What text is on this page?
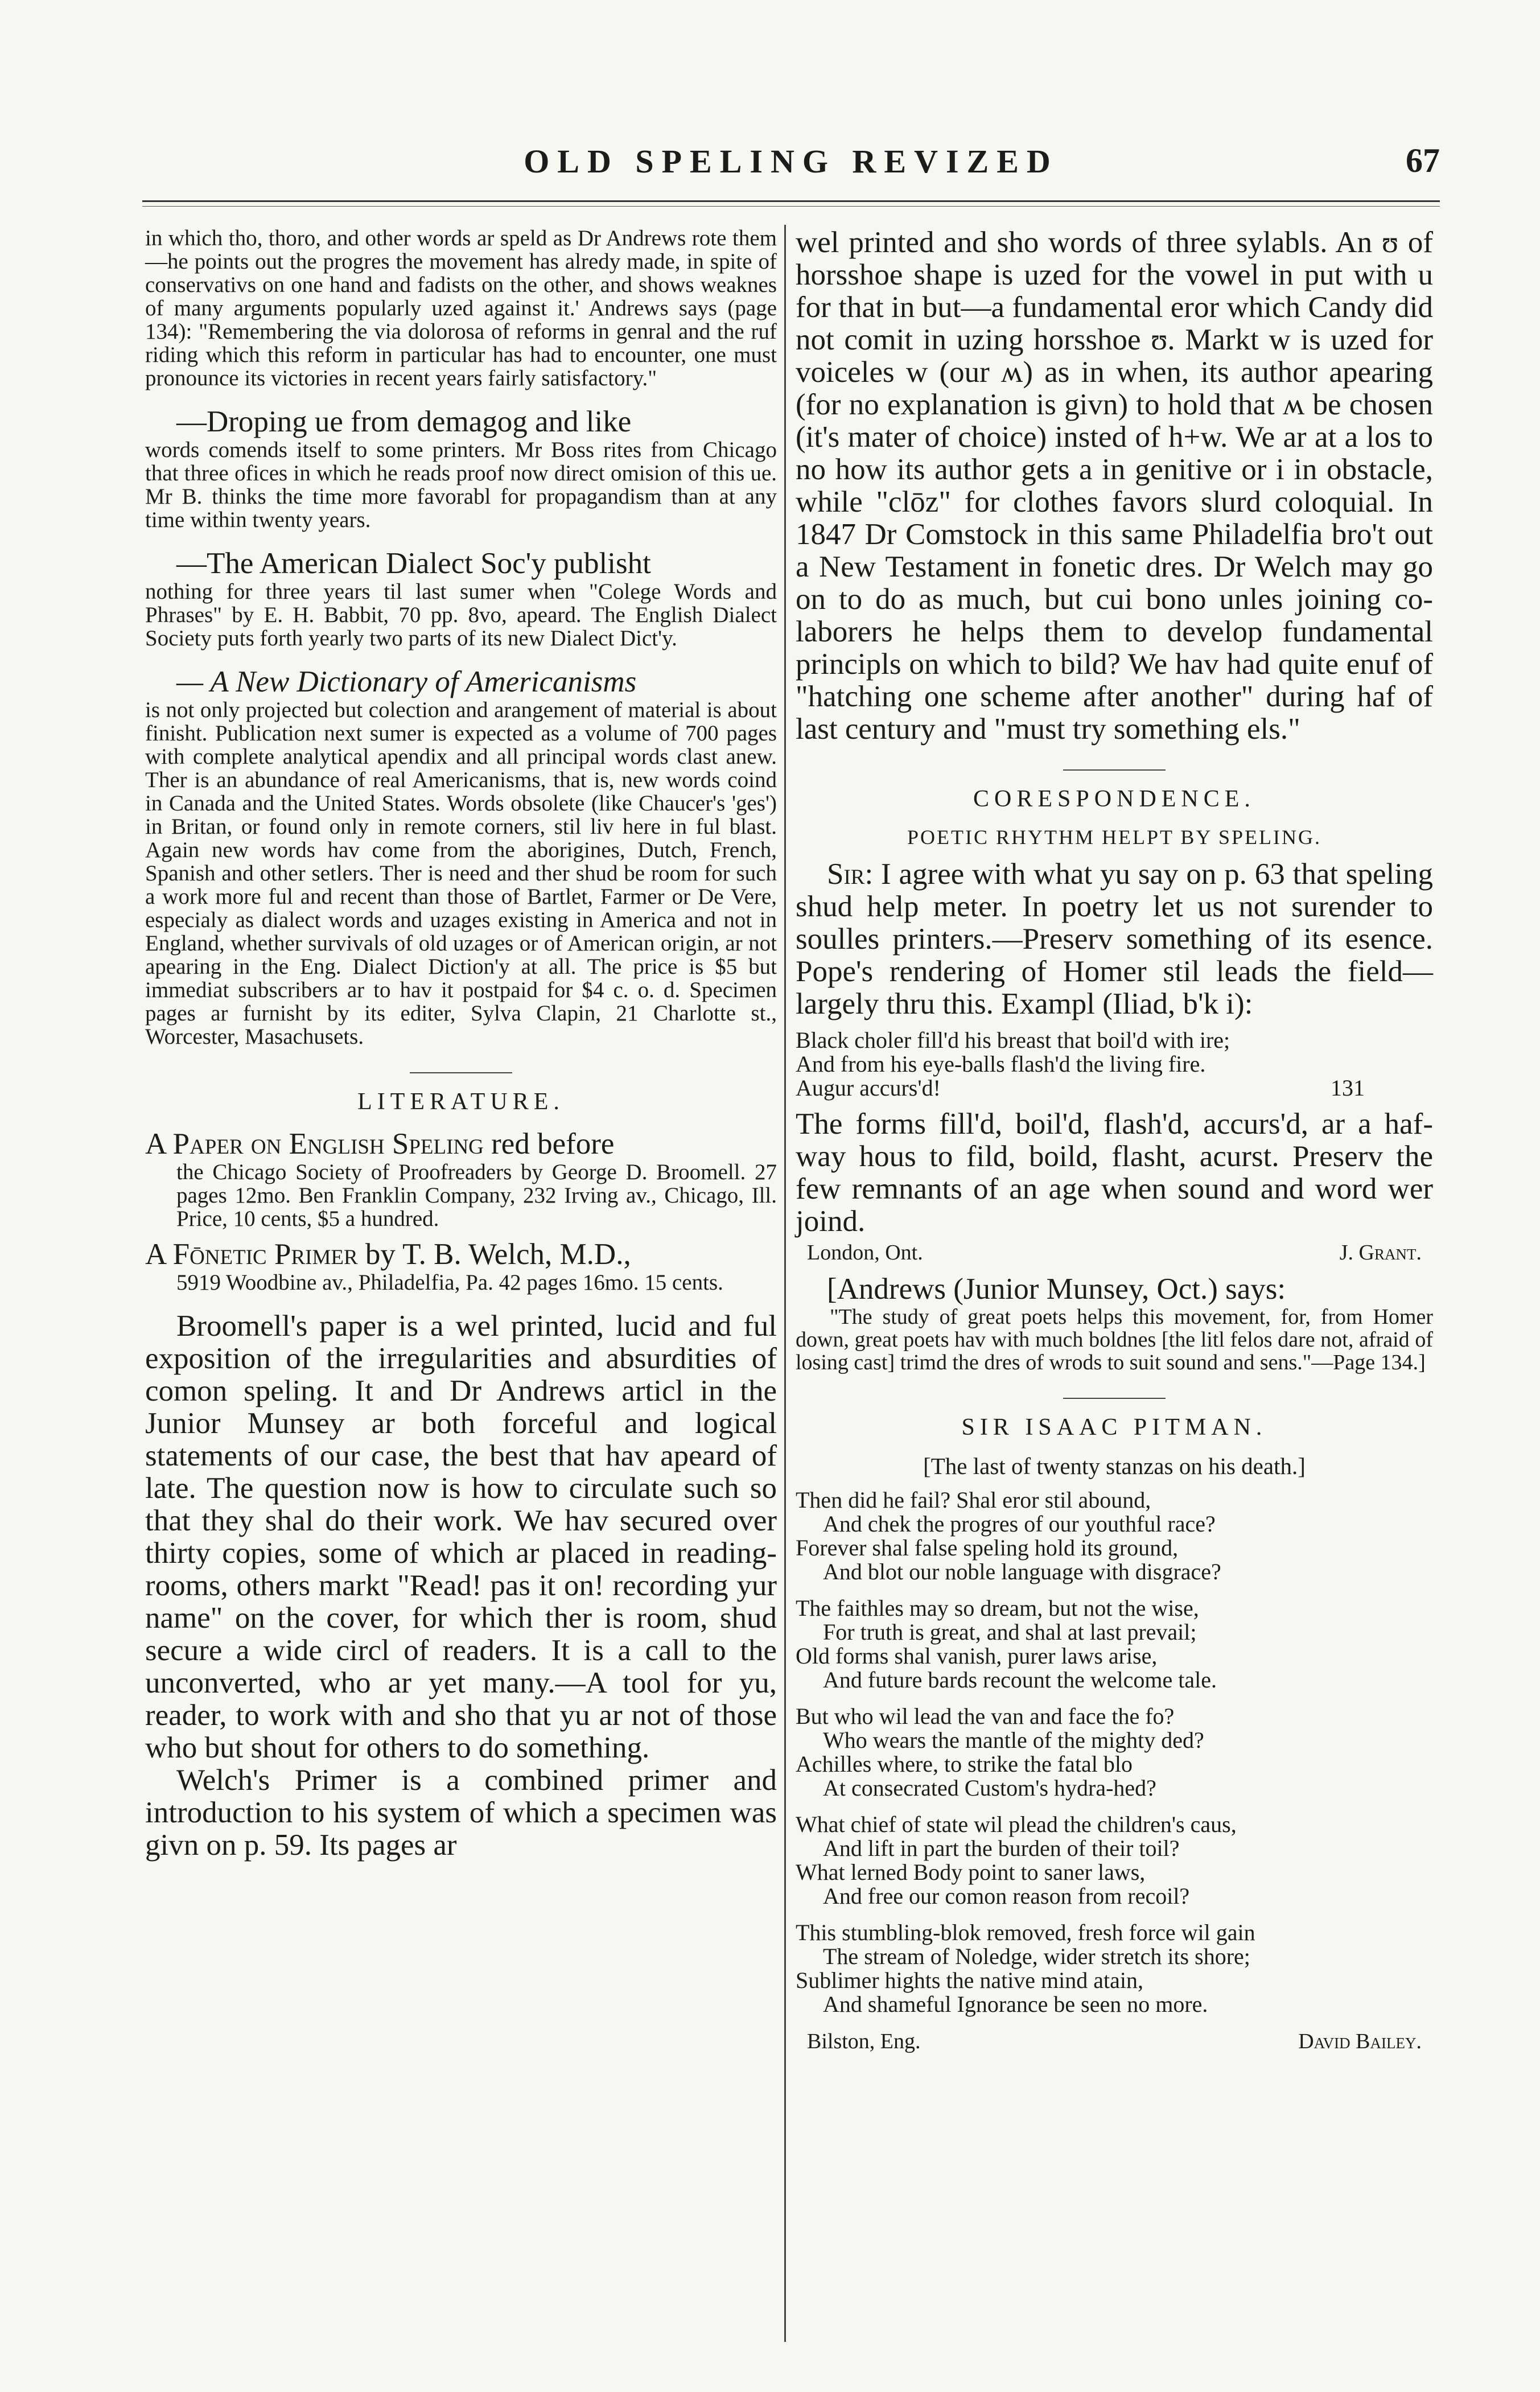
OLD SPELING REVIZED	67

in which tho, thoro, and other words ar speld as Dr Andrews rote them—he points out the progres the movement has alredy made, in spite of conservativs on one hand and fadists on the other, and shows weaknes of many arguments popularly uzed against it.' Andrews says (page 134): "Remembering the via dolorosa of reforms in genral and the ruf riding which this reform in particular has had to encounter, one must pronounce its victories in recent years fairly satisfactory."

—Droping ue from demagog and like
words comends itself to some printers. Mr Boss rites from Chicago that three ofices in which he reads proof now direct omision of this ue. Mr B. thinks the time more favorabl for propagandism than at any time within twenty years.

—The American Dialect Soc'y publisht
nothing for three years til last sumer when "Colege Words and Phrases" by E. H. Babbit, 70 pp. 8vo, apeard. The English Dialect Society puts forth yearly two parts of its new Dialect Dict'y.

— A New Dictionary of Americanisms
is not only projected but colection and arangement of material is about finisht. Publication next sumer is expected as a volume of 700 pages with complete analytical apendix and all principal words clast anew. Ther is an abundance of real Americanisms, that is, new words coind in Canada and the United States. Words obsolete (like Chaucer's 'ges') in Britan, or found only in remote corners, stil liv here in ful blast. Again new words hav come from the aborigines, Dutch, French, Spanish and other setlers. Ther is need and ther shud be room for such a work more ful and recent than those of Bartlet, Farmer or De Vere, especialy as dialect words and uzages existing in America and not in England, whether survivals of old uzages or of American origin, ar not apearing in the Eng. Dialect Diction'y at all. The price is $5 but immediat subscribers ar to hav it postpaid for $4 c. o. d. Specimen pages ar furnisht by its editer, Sylva Clapin, 21 Charlotte st., Worcester, Masachusets.

LITERATURE.

A Paper on English Speling red before

the Chicago Society of Proofreaders by George D. Broomell. 27 pages 12mo. Ben Franklin Company, 232 Irving av., Chicago, Ill. Price, 10 cents, $5 a hundred.

A Fōnetic Primer by T. B. Welch, M.D.,

5919 Woodbine av., Philadelfia, Pa. 42 pages 16mo. 15 cents.

Broomell's paper is a wel printed, lucid and ful exposition of the irregularities and absurdities of comon speling. It and Dr Andrews articl in the Junior Munsey ar both forceful and logical statements of our case, the best that hav apeard of late. The question now is how to circulate such so that they shal do their work. We hav secured over thirty copies, some of which ar placed in reading-rooms, others markt "Read! pas it on! recording yur name" on the cover, for which ther is room, shud secure a wide circl of readers. It is a call to the unconverted, who ar yet many.—A tool for yu, reader, to work with and sho that yu ar not of those who but shout for others to do something.

Welch's Primer is a combined primer and introduction to his system of which a specimen was givn on p. 59. Its pages ar

wel printed and sho words of three sylabls. An ʊ of horsshoe shape is uzed for the vowel in put with u for that in but—a fundamental eror which Candy did not comit in uzing horsshoe ʊ. Markt w is uzed for voiceles w (our ʍ) as in when, its author apearing (for no explanation is givn) to hold that ʍ be chosen (it's mater of choice) insted of h+w. We ar at a los to no how its author gets a in genitive or i in obstacle, while "clōz" for clothes favors slurd coloquial. In 1847 Dr Comstock in this same Philadelfia bro't out a New Testament in fonetic dres. Dr Welch may go on to do as much, but cui bono unles joining co-laborers he helps them to develop fundamental principls on which to bild? We hav had quite enuf of "hatching one scheme after another" during haf of last century and "must try something els."

CORESPONDENCE.
POETIC RHYTHM HELPT BY SPELING.

Sir: I agree with what yu say on p. 63 that speling shud help meter. In poetry let us not surender to soulles printers.—Preserv something of its esence. Pope's rendering of Homer stil leads the field—largely thru this. Exampl (Iliad, b'k i):

Black choler fill'd his breast that boil'd with ire;
And from his eye-balls flash'd the living fire.
Augur accurs'd!	131

The forms fill'd, boil'd, flash'd, accurs'd, ar a haf-way hous to fild, boild, flasht, acurst. Preserv the few remnants of an age when sound and word wer joind.

London, Ont.	J. Grant.

[Andrews (Junior Munsey, Oct.) says:

"The study of great poets helps this movement, for, from Homer down, great poets hav with much boldnes [the litl felos dare not, afraid of losing cast] trimd the dres of wrods to suit sound and sens."—Page 134.]

SIR ISAAC PITMAN.
[The last of twenty stanzas on his death.]
Then did he fail? Shal eror stil abound,
And chek the progres of our youthful race?
Forever shal false speling hold its ground,
And blot our noble language with disgrace?
The faithles may so dream, but not the wise,
For truth is great, and shal at last prevail;
Old forms shal vanish, purer laws arise,
And future bards recount the welcome tale.
But who wil lead the van and face the fo?
Who wears the mantle of the mighty ded?
Achilles where, to strike the fatal blo
At consecrated Custom's hydra-hed?
What chief of state wil plead the children's caus,
And lift in part the burden of their toil?
What lerned Body point to saner laws,
And free our comon reason from recoil?
This stumbling-blok removed, fresh force wil gain
The stream of Noledge, wider stretch its shore;
Sublimer hights the native mind atain,
And shameful Ignorance be seen no more.
Bilston, Eng.	David Bailey.
